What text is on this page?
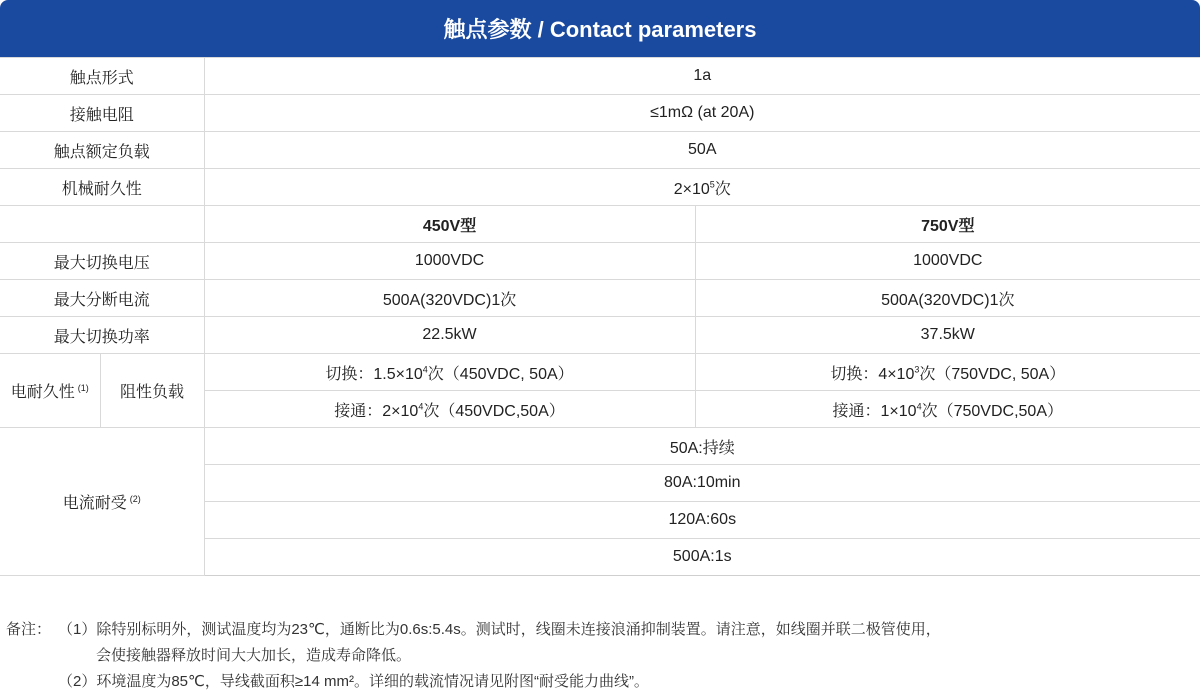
触点参数 / Contact parameters
触点形式		1a	
接触电阻		≤1mΩ (at 20A)	
触点额定负载		50A	
机械耐久性		$2\times 10^5$次	
		450V型	750V型
最大切换电压		1000VDC	1000VDC
最大分断电流		500A(320VDC)1次	500A(320VDC)1次
最大切换功率		22.5kW	37.5kW
电耐久性 $^{(1)}$	阻性负载	切换：$1.5\times 10^4$次（450VDC, 50A）	切换：$4\times 10^3$次（750VDC, 50A）
		接通：$2\times 10^4$次（450VDC,50A）	接通：$1\times 10^4$次（750VDC,50A）
电流耐受 $^{(2)}$		50A:持续	
		80A:10min	
		120A:60s	
		500A:1s	
备注： （1）除特别标明外，测试温度均为23℃，通断比为0.6s:5.4s。测试时，线圈未连接浪涌抑制装置。请注意，如线圈并联二极管使用，
会使接触器释放时间大大加长，造成寿命降低。
（2）环境温度为85℃，导线截面积≥14 mm²。详细的载流情况请见附图“耐受能力曲线”。
